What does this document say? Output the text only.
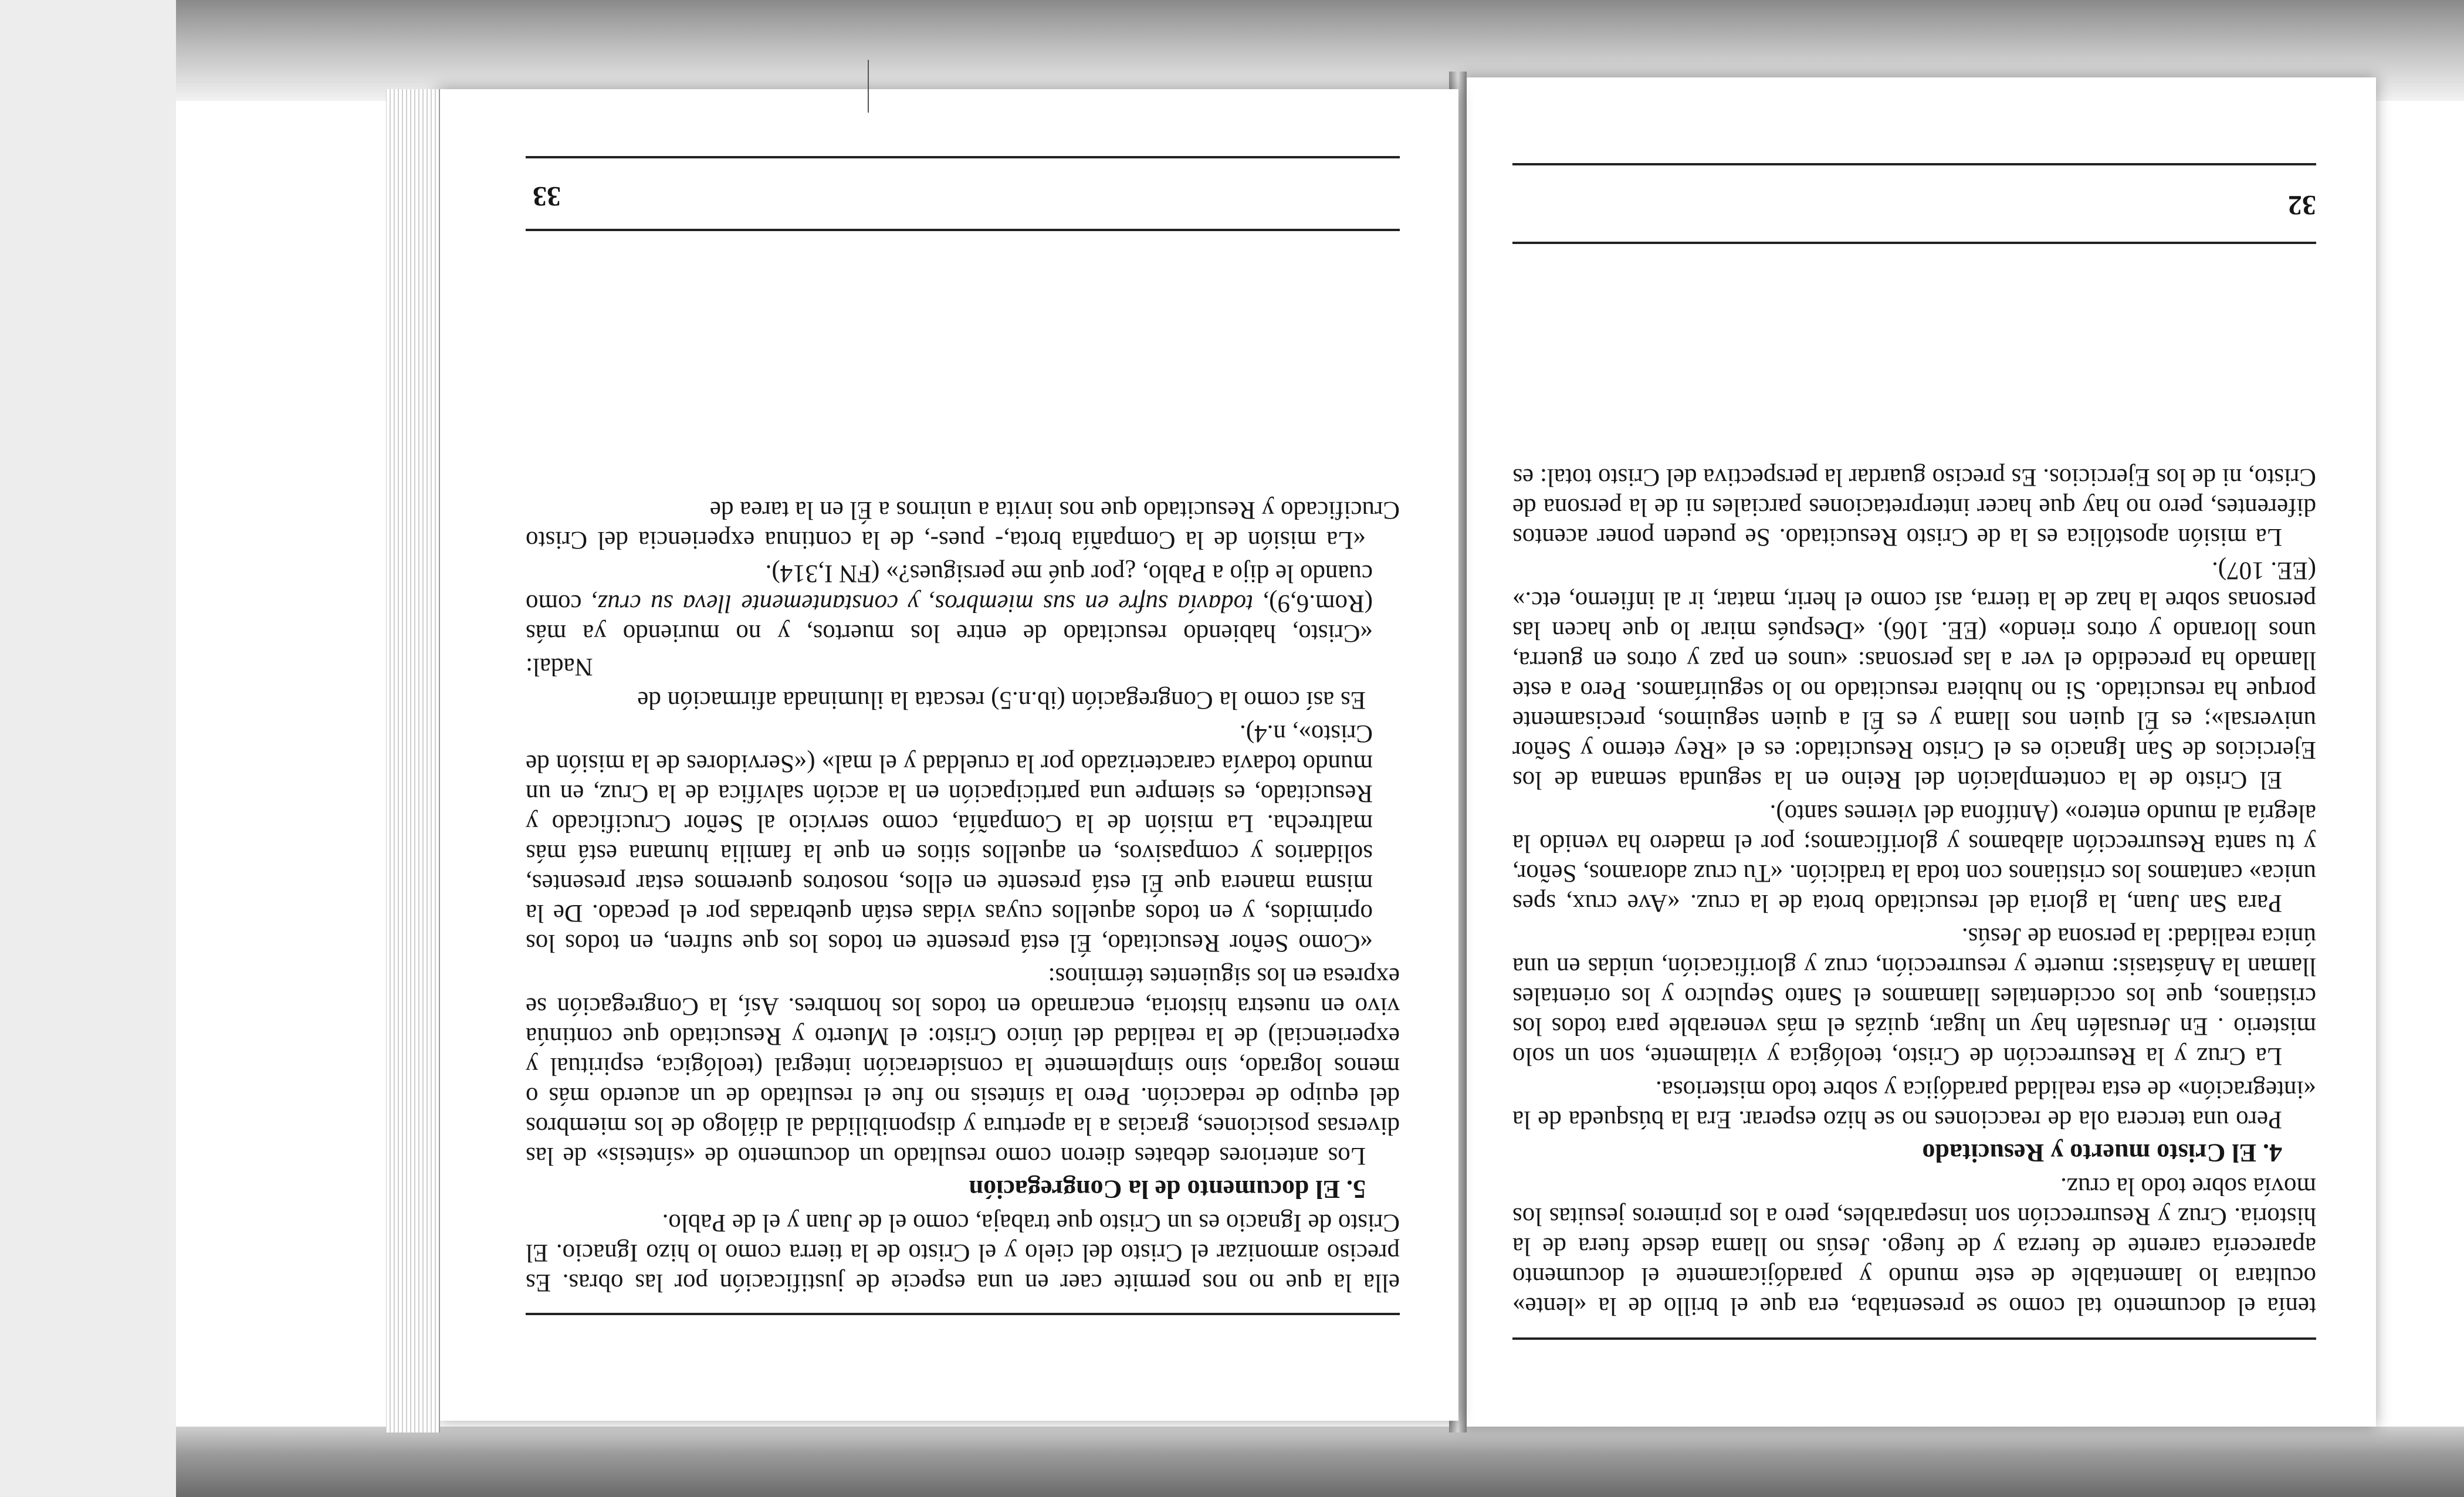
tenía el documento tal como se presentaba, era que el brillo de la «lente» ocultara lo lamentable de este mundo y paradójicamente el documento aparecería carente de fuerza y de fuego. Jesús no llama desde fuera de la historia. Cruz y Resurrección son inseparables, pero a los primeros jesuitas los movía sobre todo la cruz.

4. El Cristo muerto y Resucitado

Pero una tercera ola de reacciones no se hizo esperar. Era la búsqueda de la «integración» de esta realidad paradójica y sobre todo misteriosa.

La Cruz y la Resurrección de Cristo, teológica y vitalmente, son un solo misterio . En Jerusalén hay un lugar, quizás el más venerable para todos los cristianos, que los occidentales llamamos el Santo Sepulcro y los orientales llaman la Anástasis: muerte y resurrección, cruz y glorificación, unidas en una única realidad: la persona de Jesús.

Para San Juan, la gloria del resucitado brota de la cruz. «Ave crux, spes unica» cantamos los cristianos con toda la tradición. «Tu cruz adoramos, Señor, y tu santa Resurrección alabamos y glorificamos; por el madero ha venido la alegría al mundo entero» (Antífona del viernes santo).

El Cristo de la contemplación del Reino en la segunda semana de los Ejercicios de San Ignacio es el Cristo Resucitado: es el «Rey eterno y Señor universal»; es Él quien nos llama y es Él a quien seguimos, precisamente porque ha resucitado. Si no hubiera resucitado no lo seguiríamos. Pero a este llamado ha precedido el ver a las personas: «unos en paz y otros en guerra, unos llorando y otros riendo» (EE. 106). «Después mirar lo que hacen las personas sobre la haz de la tierra, así como el herir, matar, ir al infierno, etc.» (EE. 107).

La misión apostólica es la de Cristo Resucitado. Se pueden poner acentos diferentes, pero no hay que hacer interpretaciones parciales ni de la persona de Cristo, ni de los Ejercicios. Es preciso guardar la perspectiva del Cristo total: es

32

ella la que no nos permite caer en una especie de justificación por las obras. Es preciso armonizar el Cristo del cielo y el Cristo de la tierra como lo hizo Ignacio. El Cristo de Ignacio es un Cristo que trabaja, como el de Juan y el de Pablo.

5. El documento de la Congregación

Los anteriores debates dieron como resultado un documento de «síntesis» de las diversas posiciones, gracias a la apertura y disponibilidad al diálogo de los miembros del equipo de redacción. Pero la síntesis no fue el resultado de un acuerdo más o menos logrado, sino simplemente la consideración integral (teológica, espiritual y experiencial) de la realidad del único Cristo: el Muerto y Resucitado que continúa vivo en nuestra historia, encarnado en todos los hombres. Así, la Congregación se expresa en los siguientes términos:

«Como Señor Resucitado, Él está presente en todos los que sufren, en todos los oprimidos, y en todos aquellos cuyas vidas están quebradas por el pecado. De la misma manera que Él está presente en ellos, nosotros queremos estar presentes, solidarios y compasivos, en aquellos sitios en que la familia humana está más maltrecha. La misión de la Compañía, como servicio al Señor Crucificado y Resucitado, es siempre una participación en la acción salvífica de la Cruz, en un mundo todavía caracterizado por la crueldad y el mal» («Servidores de la misión de Cristo», n.4).

Es así como la Congregación (ib.n.5) rescata la iluminada afirmación de

Nadal:

«Cristo, habiendo resucitado de entre los muertos, y no muriendo ya más (Rom.6,9), todavía sufre en sus miembros, y constantemente lleva su cruz, como cuando le dijo a Pablo, ¿por qué me persigues?» (FN I,314).

«La misión de la Compañía brota,- pues-, de la continua experiencia del Cristo Crucificado y Resucitado que nos invita a unirnos a Él en la tarea de

33
